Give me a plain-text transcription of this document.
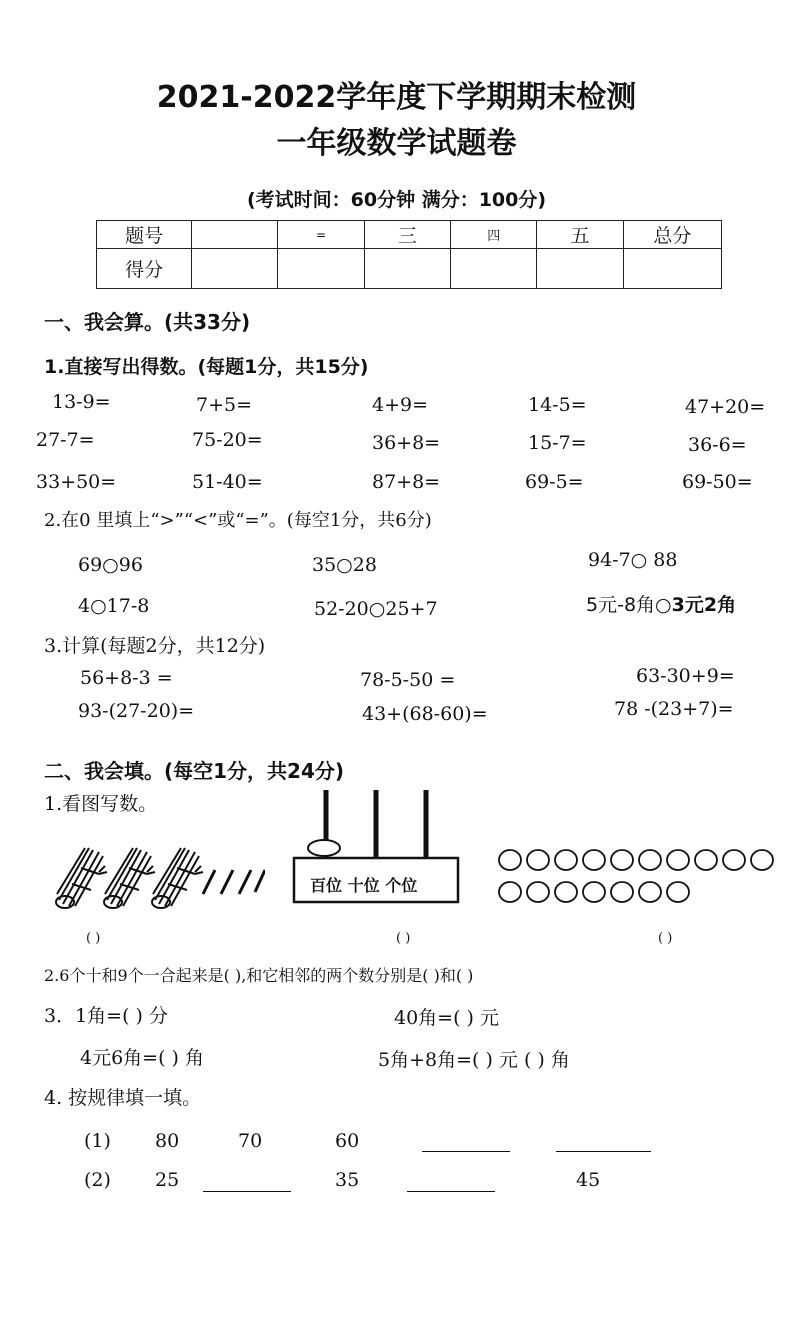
2021-2022学年度下学期期末检测
一年级数学试题卷
(考试时间：60分钟 满分：100分)
题号		=	三	四	五	总分
得分						
一、我会算。(共33分)
1.直接写出得数。(每题1分，共15分)
13-9=	7+5=	4+9=	14-5=	47+20=
27-7=	75-20=	36+8=	15-7=	36-6=
33+50=	51-40=	87+8=	69-5=	69-50=
2.在0 里填上“>”“<”或“=”。(每空1分，共6分)
69○96	35○28	94-7○ 88
4○17-8	52-20○25+7	5元-8角○3元2角
3.计算(每题2分，共12分)
56+8-3 =	78-5-50 =	63-30+9=
93-(27-20)=	43+(68-60)=	78 -(23+7)=
二、我会填。(每空1分，共24分)
1.看图写数。
百位 十位 个位
( )	( )	( )
2.6个十和9个一合起来是( ),和它相邻的两个数分别是( )和( )
3．1角=( ) 分	40角=( ) 元
4元6角=( ) 角	5角+8角=( ) 元 ( ) 角
4. 按规律填一填。
(1) 80	70	60
(2) 25	35	45
